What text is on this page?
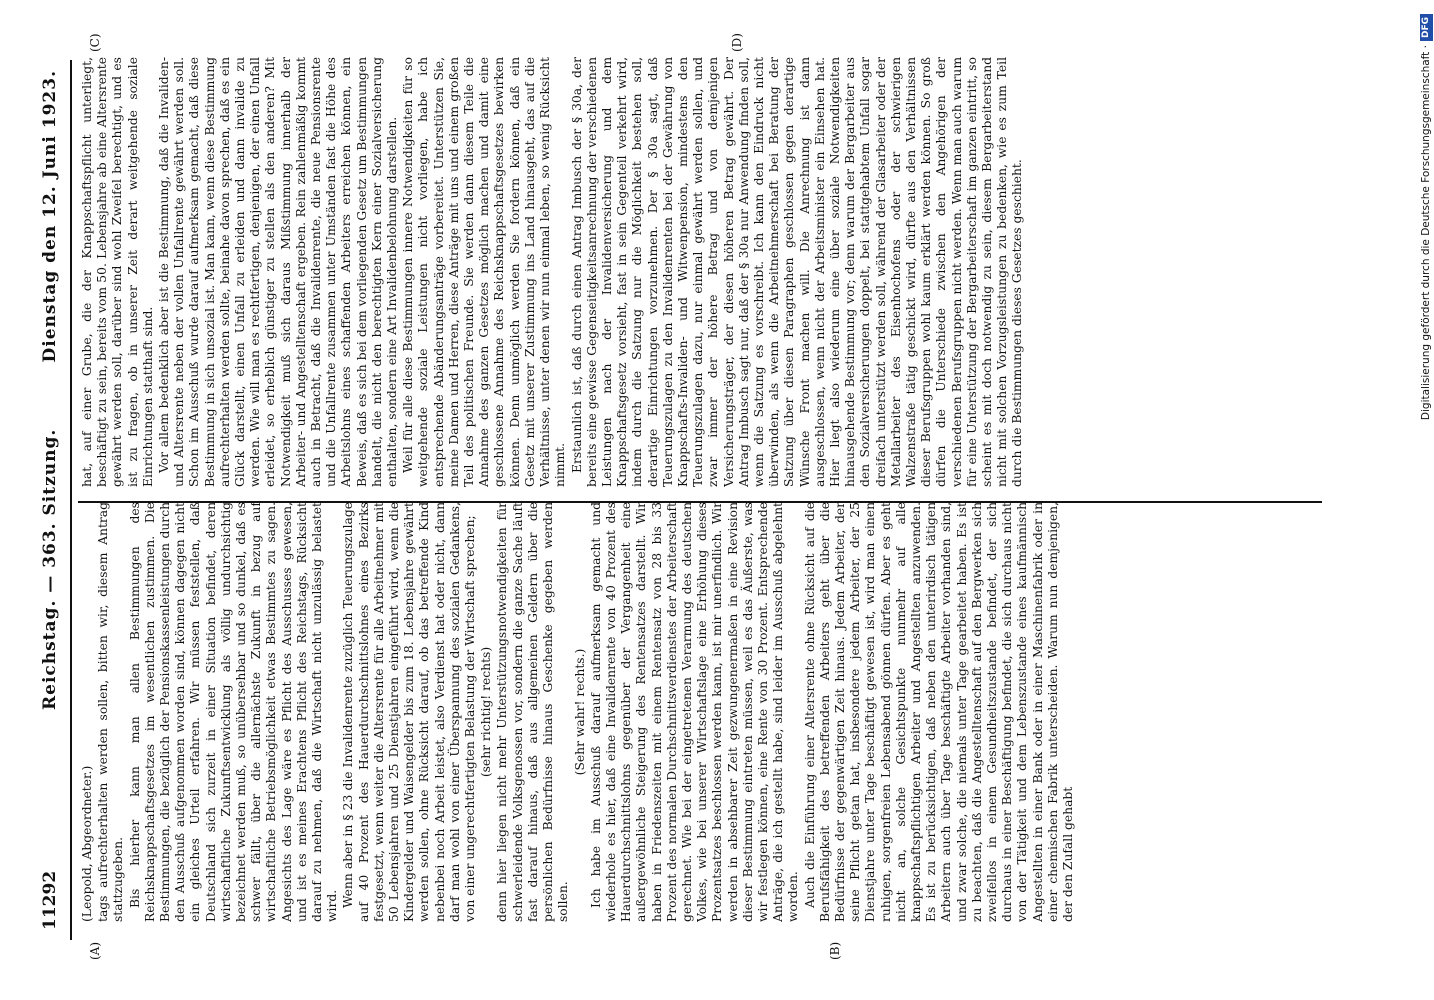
11292
Reichstag. — 363. Sitzung.
Dienstag den 12. Juni 1923.
(A)	(B)
(C)	(D)

(Leopold, Abgeordneter.) tags aufrechterhalten werden sollen, bitten wir, diesem Antrag stattzugeben. Bis hierher kann man allen Bestimmungen des Reichsknappschaftsgesetzes im wesentlichen zustimmen. Die Bestimmungen, die bezüglich der Pensionskassenleistungen durch den Ausschuß aufgenommen worden sind, können dagegen nicht ein gleiches Urteil erfahren. Wir müssen feststellen, daß Deutschland sich zurzeit in einer Situation befindet, deren wirtschaftliche Zukunftsentwicklung als völlig undurchsichtig bezeichnet werden muß, so unübersehbar und so dunkel, daß es schwer fällt, über die allernächste Zukunft in bezug auf wirtschaftliche Betriebsmöglichkeit etwas Bestimmtes zu sagen. Angesichts des Lage wäre es Pflicht des Ausschusses gewesen, und ist es meines Erachtens Pflicht des Reichstags, Rücksicht darauf zu nehmen, daß die Wirtschaft nicht unzulässig belastet wird. Wenn aber in § 23 die Invalidenrente zuzüglich Teuerungszulage auf 40 Prozent des Hauerdurchschnittslohnes eines Bezirks festgesetzt, wenn weiter die Altersrente für alle Arbeitnehmer mit 50 Lebensjahren und 25 Dienstjahren eingeführt wird, wenn die Kindergelder und Waisengelder bis zum 18. Lebensjahre gewährt werden sollen, ohne Rücksicht darauf, ob das betreffende Kind nebenbei noch Arbeit leistet, also Verdienst hat oder nicht, dann darf man wohl von einer Überspannung des sozialen Gedankens, von einer ungerechtfertigten Belastung der Wirtschaft sprechen; (sehr richtig! rechts) denn hier liegen nicht mehr Unterstützungsnotwendigkeiten für schwerleidende Volksgenossen vor, sondern die ganze Sache läuft fast darauf hinaus, daß aus allgemeinen Geldern über die persönlichen Bedürfnisse hinaus Geschenke gegeben werden sollen.

(Sehr wahr! rechts.) Ich habe im Ausschuß darauf aufmerksam gemacht und wiederhole es hier, daß eine Invalidenrente von 40 Prozent des Hauerdurchschnittslohns gegenüber der Vergangenheit eine außergewöhnliche Steigerung des Rentensatzes darstellt. Wir haben in Friedenszeiten mit einem Rentensatz von 28 bis 33 Prozent des normalen Durchschnittsverdienstes der Arbeiterschaft gerechnet. Wie bei der eingetretenen Verarmung des deutschen Volkes, wie bei unserer Wirtschaftslage eine Erhöhung dieses Prozentsatzes beschlossen werden kann, ist mir unerfindlich. Wir werden in absehbarer Zeit gezwungenermaßen in eine Revision dieser Bestimmung eintreten müssen, weil es das Äußerste, was wir festlegen können, eine Rente von 30 Prozent. Entsprechende Anträge, die ich gestellt habe, sind leider im Ausschuß abgelehnt worden. Auch die Einführung einer Altersrente ohne Rücksicht auf die Berufsfähigkeit des betreffenden Arbeiters geht über die Bedürfnisse der gegenwärtigen Zeit hinaus. Jedem Arbeiter, der seine Pflicht getan hat, insbesondere jedem Arbeiter, der 25 Dienstjahre unter Tage beschäftigt gewesen ist, wird man einen ruhigen, sorgenfreien Lebensabend gönnen dürfen. Aber es geht nicht an, solche Gesichtspunkte nunmehr auf alle knappschaftspflichtigen Arbeiter und Angestellten anzuwenden. Es ist zu berücksichtigen, daß neben den unterirdisch tätigen Arbeitern auch über Tage beschäftigte Arbeiter vorhanden sind, und zwar solche, die niemals unter Tage gearbeitet haben. Es ist zu beachten, daß die Angestelltenschaft auf den Bergwerken sich zweifellos in einem Gesundheitszustande befindet, der sich durchaus in einer Beschäftigung befindet, die sich durchaus nicht von der Tätigkeit und dem Lebenszustande eines kaufmännisch Angestellten in einer Bank oder in einer Maschinenfabrik oder in einer chemischen Fabrik unterscheiden. Warum nun demjenigen, der den Zufall gehabt

hat, auf einer Grube, die der Knappschaftspflicht unterliegt, beschäftigt zu sein, bereits vom 50. Lebensjahre ab eine Altersrente gewährt werden soll, darüber sind wohl Zweifel berechtigt, und es ist zu fragen, ob in unserer Zeit derart weitgehende soziale Einrichtungen statthaft sind. Vor allem bedenklich aber ist die Bestimmung, daß die Invaliden- und Altersrente neben der vollen Unfallrente gewährt werden soll. Schon im Ausschuß wurde darauf aufmerksam gemacht, daß diese Bestimmung in sich unsozial ist. Man kann, wenn diese Bestimmung aufrechterhalten werden sollte, beinahe davon sprechen, daß es ein Glück darstellt, einen Unfall zu erleiden und dann invalide zu werden. Wie will man es rechtfertigen, denjenigen, der einen Unfall erleidet, so erheblich günstiger zu stellen als den anderen? Mit Notwendigkeit muß sich daraus Mißstimmung innerhalb der Arbeiter- und Angestelltenschaft ergeben. Rein zahlenmäßig kommt auch in Betracht, daß die Invalidenrente, die neue Pensionsrente und die Unfallrente zusammen unter Umständen fast die Höhe des Arbeitslohns eines schaffenden Arbeiters erreichen können, ein Beweis, daß es sich bei dem vorliegenden Gesetz um Bestimmungen handelt, die nicht den berechtigten Kern einer Sozialversicherung enthalten, sondern eine Art Invalidenbelohnung darstellen. Weil für alle diese Bestimmungen innere Notwendigkeiten für so weitgehende soziale Leistungen nicht vorliegen, habe ich entsprechende Abänderungsanträge vorbereitet. Unterstützen Sie, meine Damen und Herren, diese Anträge mit uns und einem großen Teil des politischen Freunde. Sie werden dann diesem Teile die Annahme des ganzen Gesetzes möglich machen und damit eine geschlossene Annahme des Reichsknappschaftsgesetzes bewirken können. Denn unmöglich werden Sie fordern können, daß ein Gesetz mit unserer Zustimmung ins Land hinausgeht, das auf die Verhältnisse, unter denen wir nun einmal leben, so wenig Rücksicht nimmt. Erstaunlich ist, daß durch einen Antrag Imbusch der § 30a, der bereits eine gewisse Gegenseitigkeitsanrechnung der verschiedenen Leistungen nach der Invalidenversicherung und dem Knappschaftsgesetz vorsieht, fast in sein Gegenteil verkehrt wird, indem durch die Satzung nur die Möglichkeit bestehen soll, derartige Einrichtungen vorzunehmen. Der § 30a sagt, daß Teuerungszulagen zu den Invalidenrenten bei der Gewährung von Knappschafts-Invaliden- und Witwenpension, mindestens den Teuerungszulagen dazu, nur einmal gewährt werden sollen, und zwar immer der höhere Betrag und von demjenigen Versicherungsträger, der diesen höheren Betrag gewährt. Der Antrag Imbusch sagt nur, daß der § 30a nur Anwendung finden soll, wenn die Satzung es vorschreibt. Ich kann den Eindruck nicht überwinden, als wenn die Arbeitnehmerschaft bei Beratung der Satzung über diesen Paragraphen geschlossen gegen derartige Wünsche Front machen will. Die Anrechnung ist dann ausgeschlossen, wenn nicht der Arbeitsminister ein Einsehen hat. Hier liegt also wiederum eine über soziale Notwendigkeiten hinausgehende Bestimmung vor; denn warum der Bergarbeiter aus den Sozialversicherungen doppelt, bei stattgehabtem Unfall sogar dreifach unterstützt werden soll, während der Glasarbeiter oder der Metallarbeiter des Eisenhochofens oder der schwierigen Walzenstraße tätig geschickt wird, dürfte aus den Verhältnissen dieser Berufsgruppen wohl kaum erklärt werden können. So groß dürfen die Unterschiede zwischen den Angehörigen der verschiedenen Berufsgruppen nicht werden. Wenn man auch warum für eine Unterstützung der Bergarbeiterschaft im ganzen eintritt, so scheint es mit doch notwendig zu sein, diesem Bergarbeiterstand nicht mit solchen Vorzugsleistungen zu bedenken, wie es zum Teil durch die Bestimmungen dieses Gesetzes geschieht.	Digitalisierung gefördert durch die Deutsche Forschungsgemeinschaft ·DFG
